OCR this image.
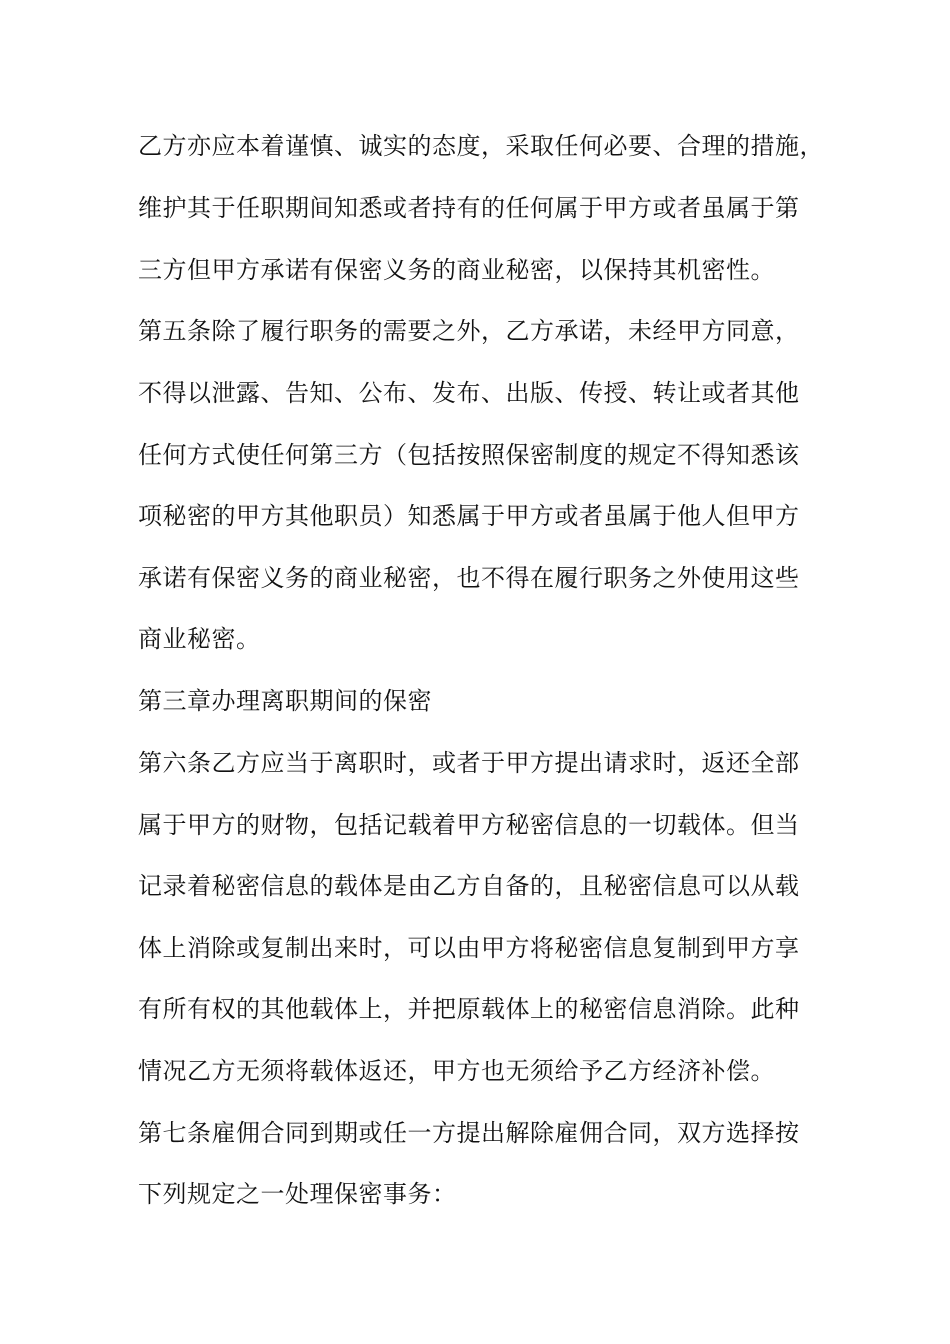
乙方亦应本着谨慎、诚实的态度，采取任何必要、合理的措施，
维护其于任职期间知悉或者持有的任何属于甲方或者虽属于第
三方但甲方承诺有保密义务的商业秘密，以保持其机密性。
第五条除了履行职务的需要之外，乙方承诺，未经甲方同意，
不得以泄露、告知、公布、发布、出版、传授、转让或者其他
任何方式使任何第三方（包括按照保密制度的规定不得知悉该
项秘密的甲方其他职员）知悉属于甲方或者虽属于他人但甲方
承诺有保密义务的商业秘密，也不得在履行职务之外使用这些
商业秘密。
第三章办理离职期间的保密
第六条乙方应当于离职时，或者于甲方提出请求时，返还全部
属于甲方的财物，包括记载着甲方秘密信息的一切载体。但当
记录着秘密信息的载体是由乙方自备的，且秘密信息可以从载
体上消除或复制出来时，可以由甲方将秘密信息复制到甲方享
有所有权的其他载体上，并把原载体上的秘密信息消除。此种
情况乙方无须将载体返还，甲方也无须给予乙方经济补偿。
第七条雇佣合同到期或任一方提出解除雇佣合同，双方选择按
下列规定之一处理保密事务：
